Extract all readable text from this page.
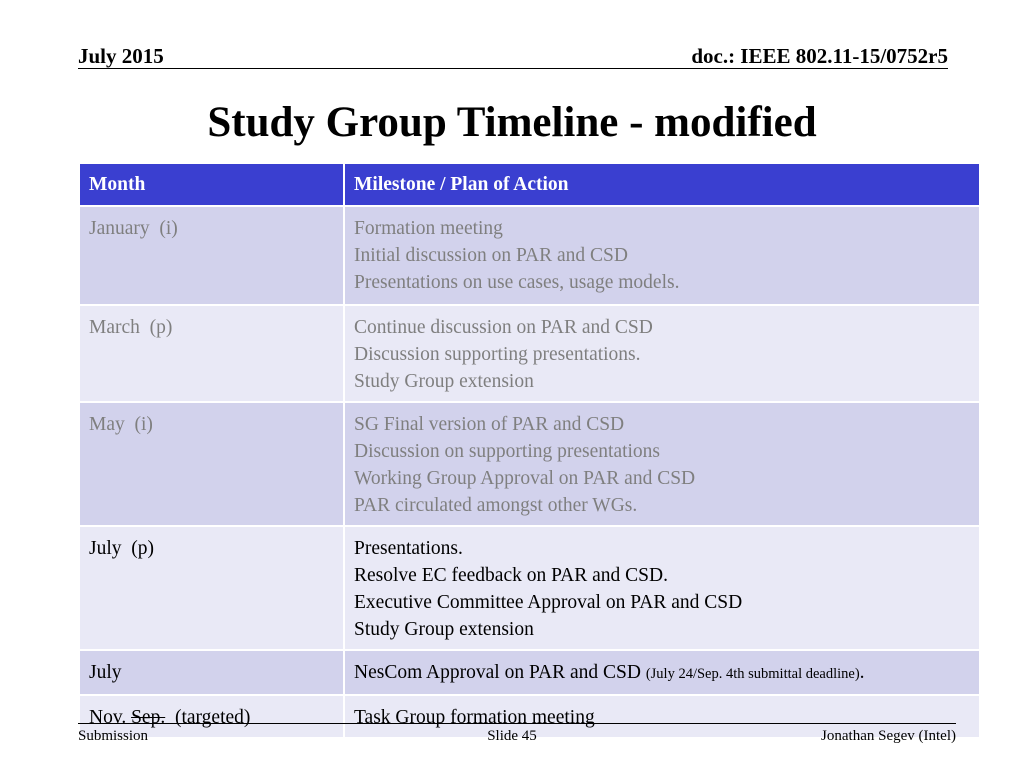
July 2015	doc.: IEEE 802.11-15/0752r5
Study Group Timeline - modified
Month	Milestone / Plan of Action
January  (i)	Formation meeting
Initial discussion on PAR and CSD
Presentations on use cases, usage models.

March  (p)	Continue discussion on PAR and CSD
Discussion supporting presentations.
Study Group extension

May  (i)	SG Final version of PAR and CSD
Discussion on supporting presentations
Working Group Approval on PAR and CSD
PAR circulated amongst other WGs.

July  (p)	Presentations.
Resolve EC feedback on PAR and CSD.
Executive Committee Approval on PAR and CSD
Study Group extension

July	NesCom Approval on PAR and CSD (July 24/Sep. 4th submittal deadline).
Nov. Sep.  (targeted)	Task Group formation meeting
Submission	Slide 45	Jonathan Segev (Intel)
